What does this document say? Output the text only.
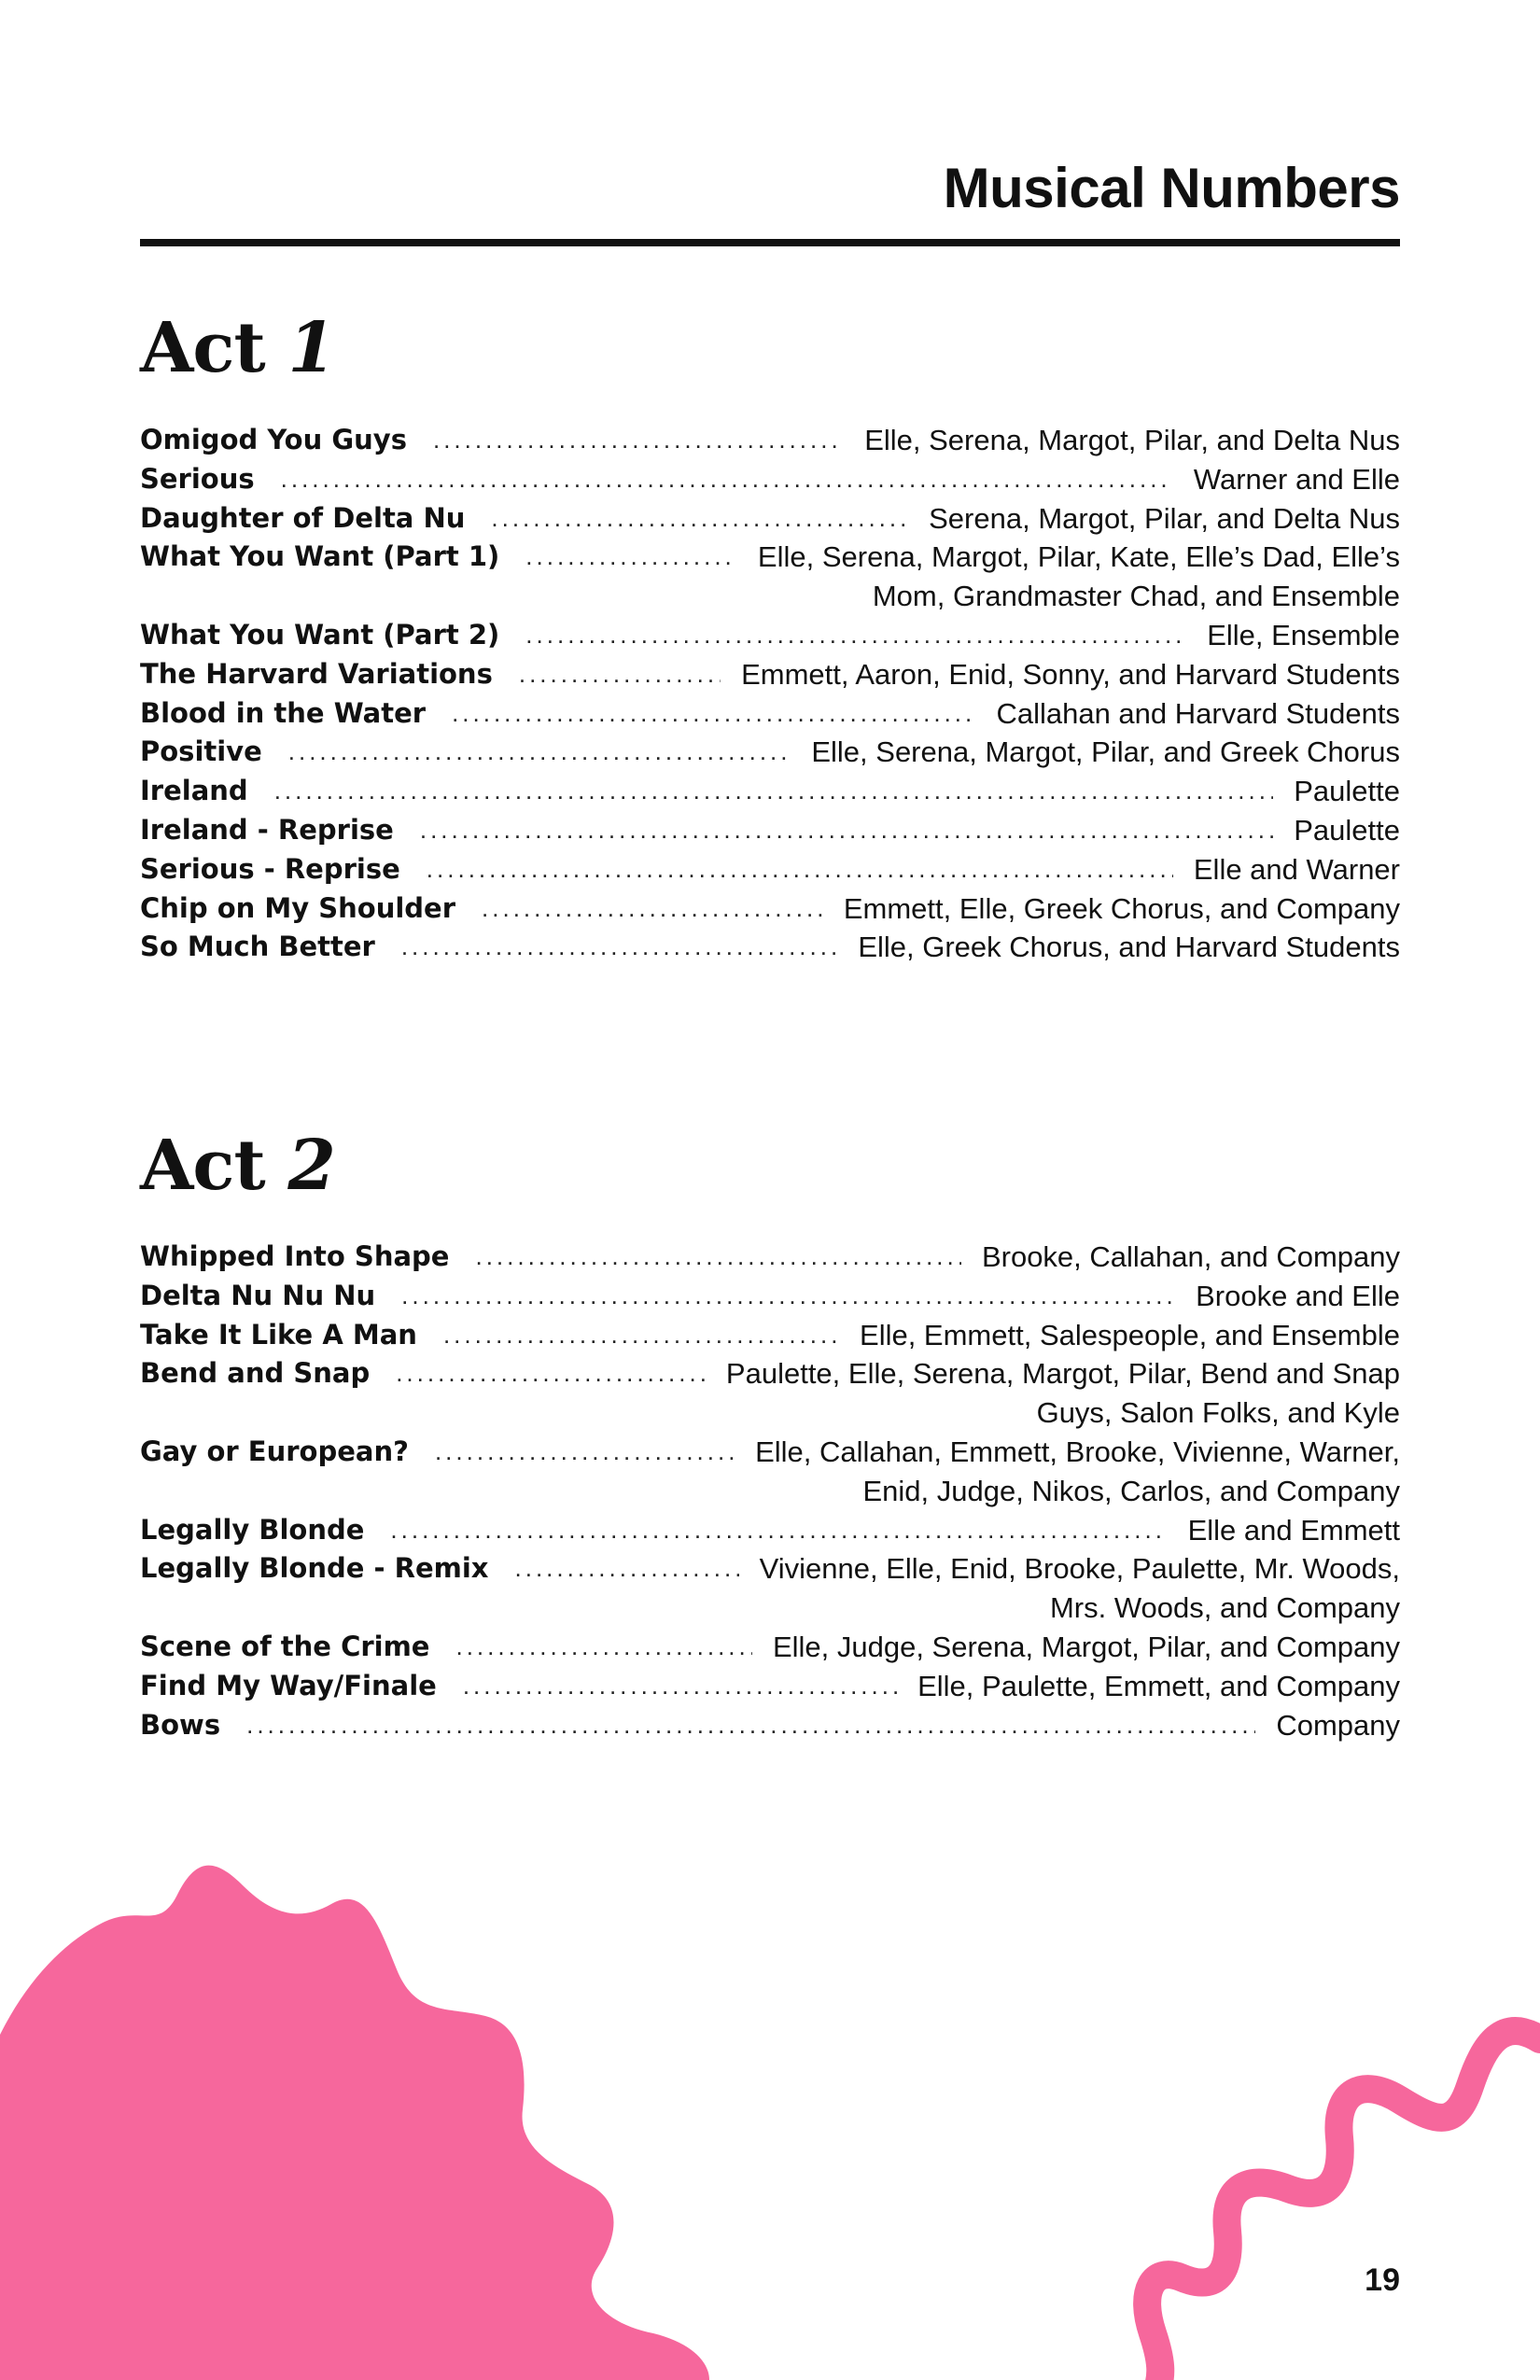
Musical Numbers
Act 1
Omigod You Guys .....	Elle, Serena, Margot, Pilar, and Delta Nus
Serious .....	Warner and Elle
Daughter of Delta Nu .....	Serena, Margot, Pilar, and Delta Nus
What You Want (Part 1) .....	Elle, Serena, Margot, Pilar, Kate, Elle’s Dad, Elle’s
Mom, Grandmaster Chad, and Ensemble
What You Want (Part 2) .....	Elle, Ensemble
The Harvard Variations .....	Emmett, Aaron, Enid, Sonny, and Harvard Students
Blood in the Water .....	Callahan and Harvard Students
Positive .....	Elle, Serena, Margot, Pilar, and Greek Chorus
Ireland .....	Paulette
Ireland - Reprise .....	Paulette
Serious - Reprise .....	Elle and Warner
Chip on My Shoulder .....	Emmett, Elle, Greek Chorus, and Company
So Much Better .....	Elle, Greek Chorus, and Harvard Students
Act 2
Whipped Into Shape .....	Brooke, Callahan, and Company
Delta Nu Nu Nu .....	Brooke and Elle
Take It Like A Man .....	Elle, Emmett, Salespeople, and Ensemble
Bend and Snap .....	Paulette, Elle, Serena, Margot, Pilar, Bend and Snap
Guys, Salon Folks, and Kyle
Gay or European? .....	Elle, Callahan, Emmett, Brooke, Vivienne, Warner,
Enid, Judge, Nikos, Carlos, and Company
Legally Blonde .....	Elle and Emmett
Legally Blonde - Remix .....	Vivienne, Elle, Enid, Brooke, Paulette, Mr. Woods,
Mrs. Woods, and Company
Scene of the Crime .....	Elle, Judge, Serena, Margot, Pilar, and Company
Find My Way/Finale .....	Elle, Paulette, Emmett, and Company
Bows .....	Company

19
